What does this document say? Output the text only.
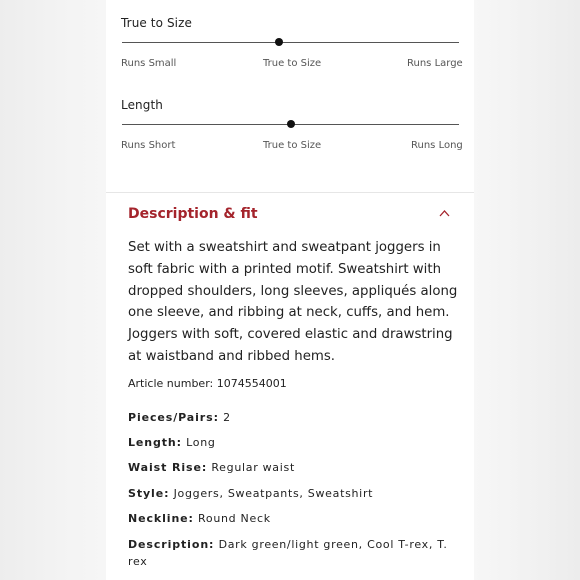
True to Size
Runs Small	True to Size	Runs Large
Length
Runs Short	True to Size	Runs Long
Description & fit
Set with a sweatshirt and sweatpant joggers in soft fabric with a printed motif. Sweatshirt with dropped shoulders, long sleeves, appliqués along one sleeve, and ribbing at neck, cuffs, and hem. Joggers with soft, covered elastic and drawstring at waistband and ribbed hems.
Article number: 1074554001
Pieces/Pairs: 2
Length: Long
Waist Rise: Regular waist
Style: Joggers, Sweatpants, Sweatshirt
Neckline: Round Neck
Description: Dark green/light green, Cool T-rex, T. rex
